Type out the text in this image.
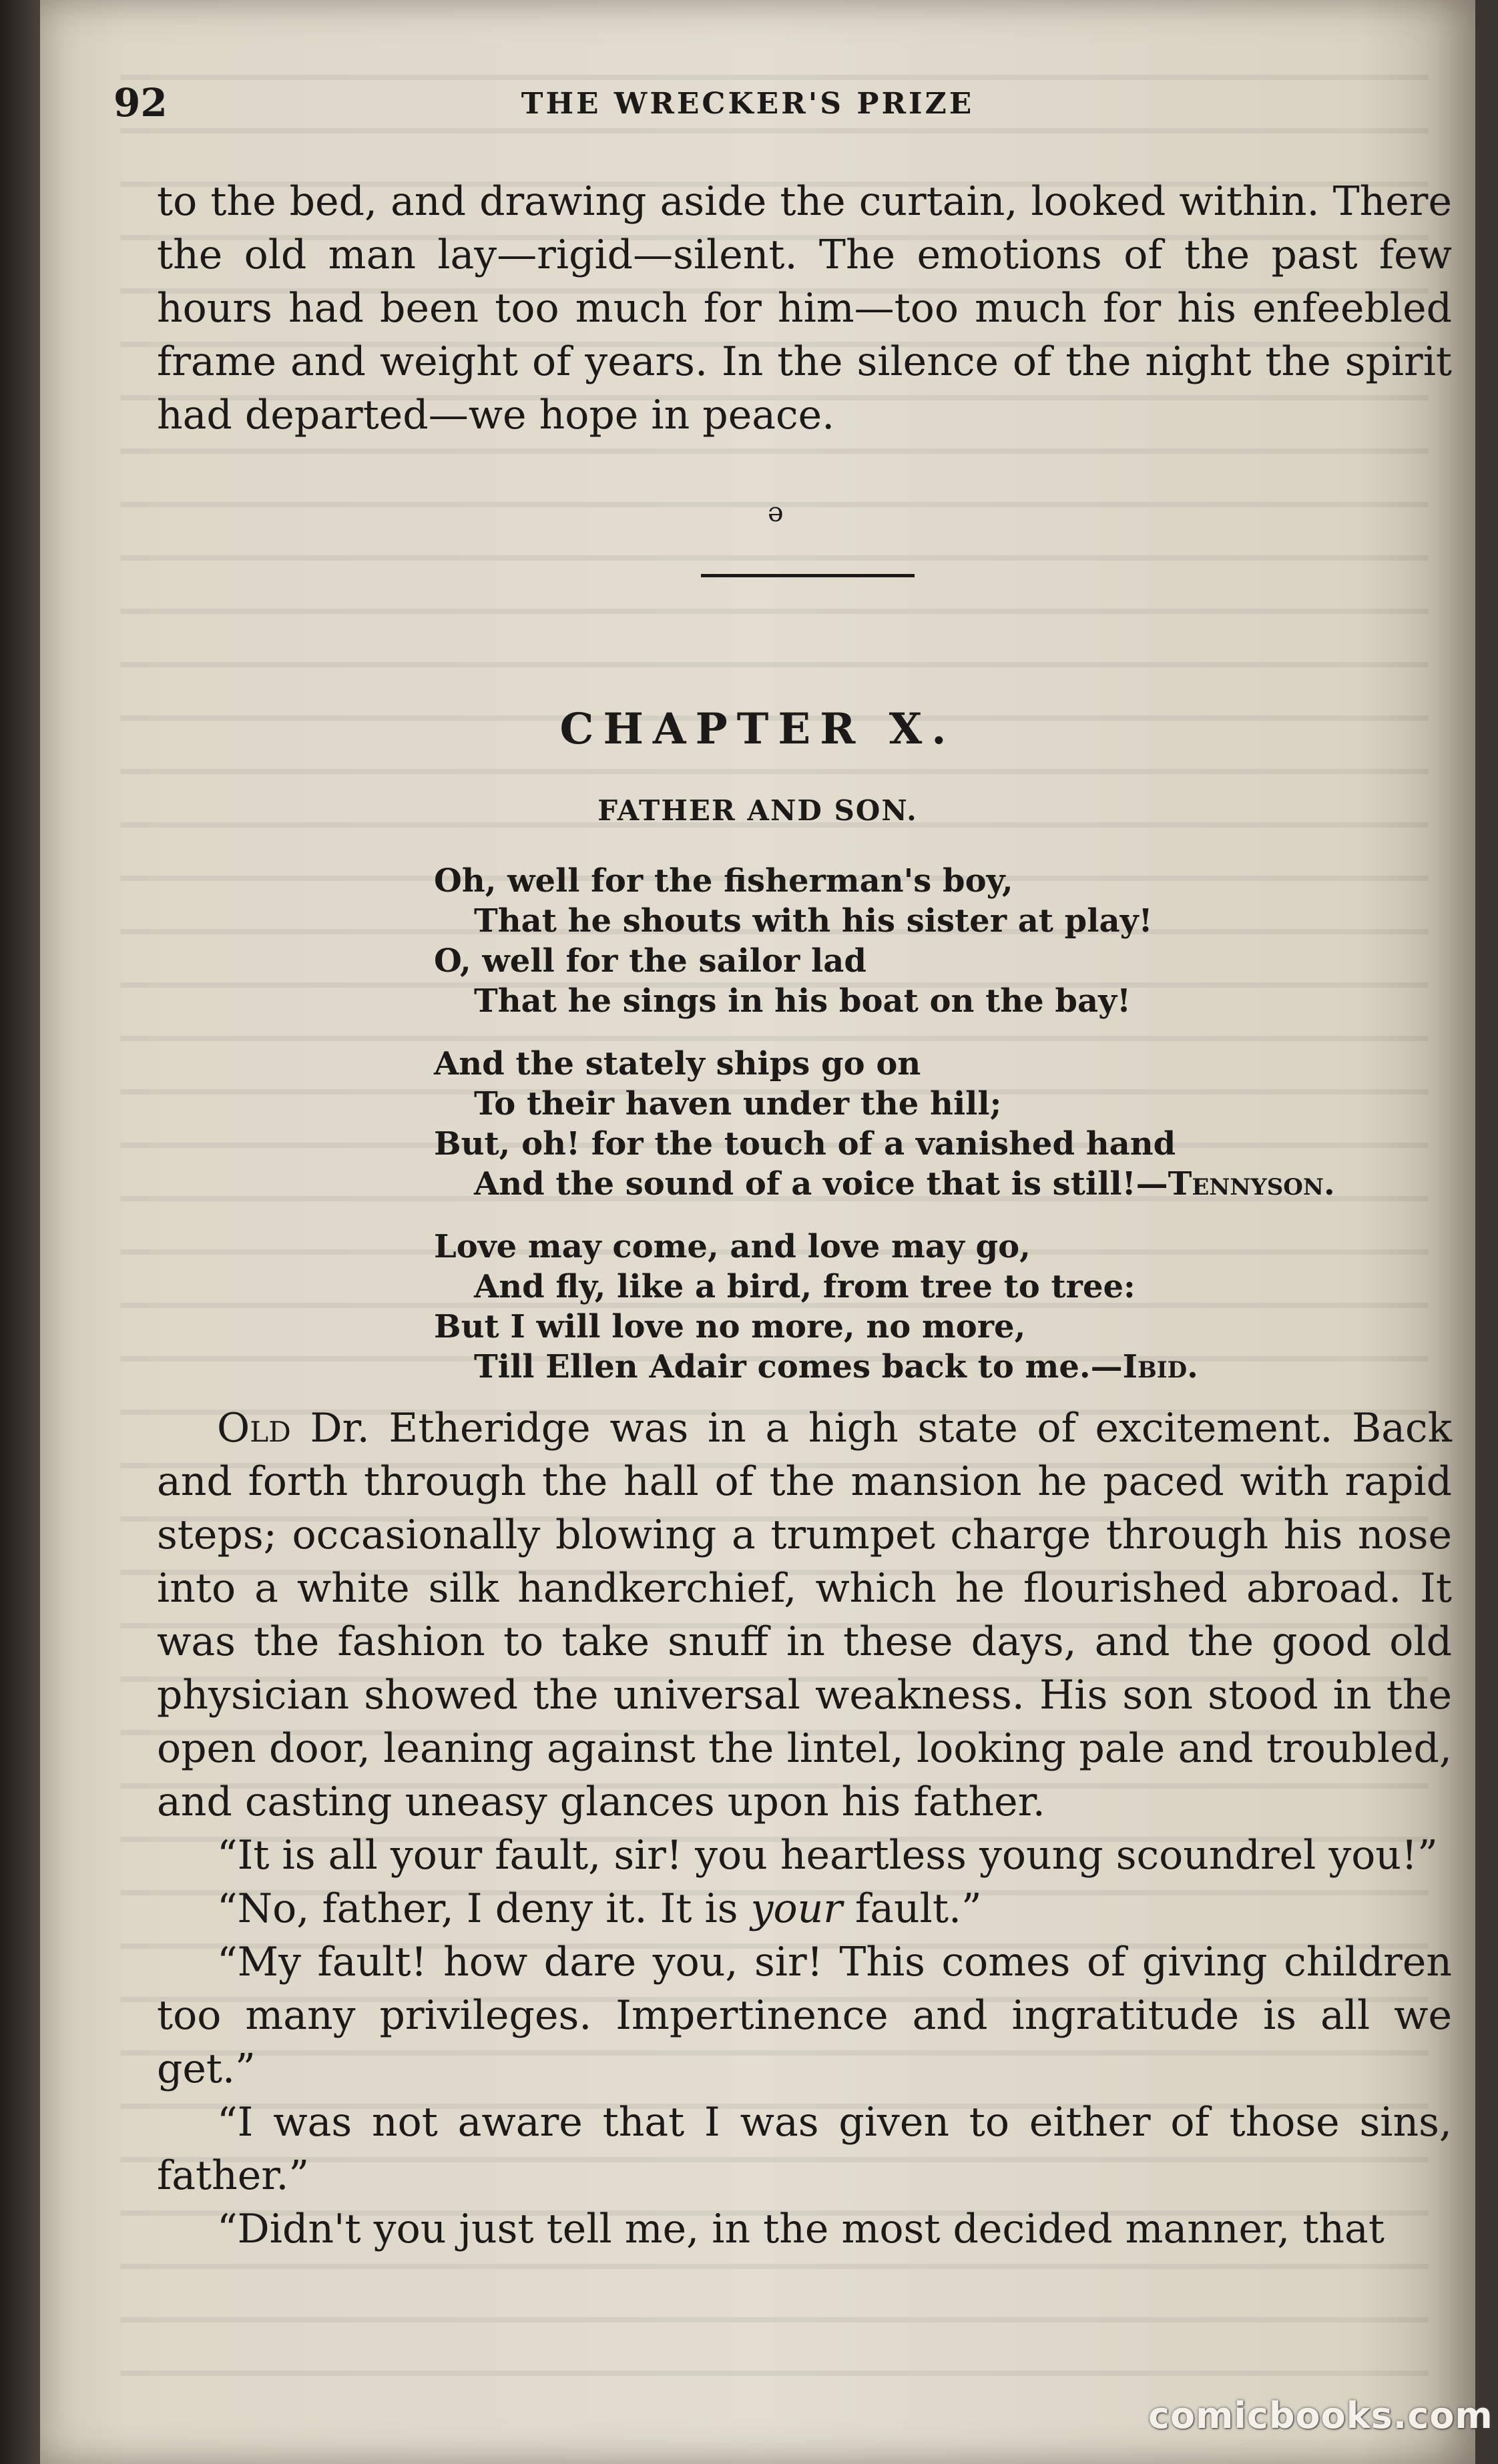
92	THE WRECKER'S PRIZE

to the bed, and drawing aside the curtain, looked within. There the old man lay—rigid—silent. The emotions of the past few hours had been too much for him—too much for his enfeebled frame and weight of years. In the silence of the night the spirit had departed—we hope in peace.

ǝ
CHAPTER X.
FATHER AND SON.
Oh, well for the fisherman's boy,
That he shouts with his sister at play!
O, well for the sailor lad
That he sings in his boat on the bay!
And the stately ships go on
To their haven under the hill;
But, oh! for the touch of a vanished hand
And the sound of a voice that is still!—Tennyson.
Love may come, and love may go,
And fly, like a bird, from tree to tree:
But I will love no more, no more,
Till Ellen Adair comes back to me.—Ibid.

Old Dr. Etheridge was in a high state of excitement. Back and forth through the hall of the mansion he paced with rapid steps; occasionally blowing a trumpet charge through his nose into a white silk handkerchief, which he flourished abroad. It was the fashion to take snuff in these days, and the good old physician showed the universal weakness. His son stood in the open door, leaning against the lintel, looking pale and troubled, and casting uneasy glances upon his father.

“It is all your fault, sir! you heartless young scoundrel you!”

“No, father, I deny it. It is your fault.”

“My fault! how dare you, sir! This comes of giving children too many privileges. Impertinence and ingratitude is all we get.”

“I was not aware that I was given to either of those sins, father.”

“Didn't you just tell me, in the most decided manner, that

comicbooks.com
